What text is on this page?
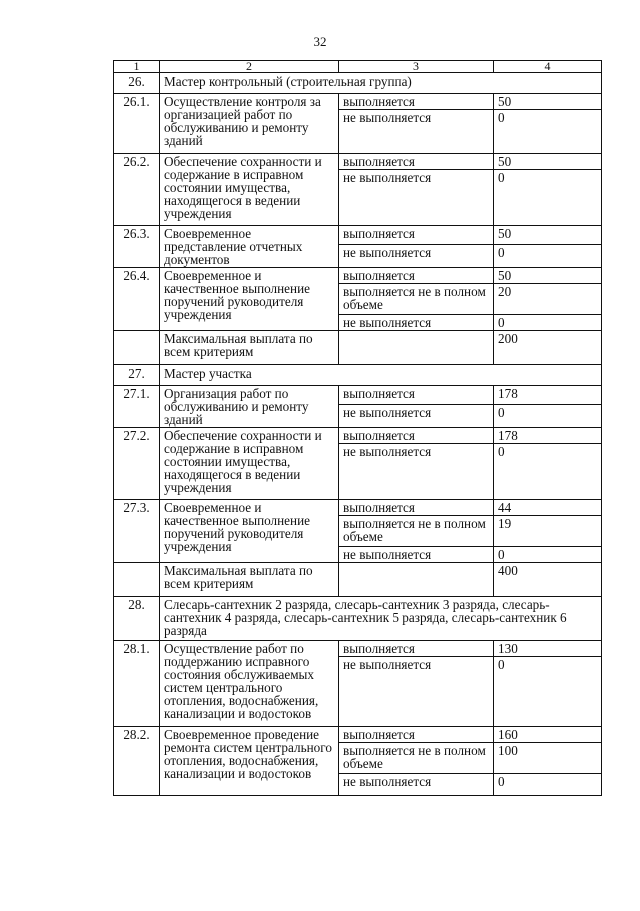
32
1	2	3	4
26.	Мастер контрольный (строительная группа)		
26.1.	Осуществление контроля за организацией работ по обслуживанию и ремонту зданий	выполняется	50
		не выполняется	0
26.2.	Обеспечение сохранности и содержание в исправном состоянии имущества, находящегося в ведении учреждения	выполняется	50
		не выполняется	0
26.3.	Своевременное представление отчетных документов	выполняется	50
		не выполняется	0
26.4.	Своевременное и качественное выполнение поручений руководителя учреждения	выполняется	50
		выполняется не в полном объеме	20
		не выполняется	0
	Максимальная выплата по всем критериям		200
27.	Мастер участка		
27.1.	Организация работ по обслуживанию и ремонту зданий	выполняется	178
		не выполняется	0
27.2.	Обеспечение сохранности и содержание в исправном состоянии имущества, находящегося в ведении учреждения	выполняется	178
		не выполняется	0
27.3.	Своевременное и качественное выполнение поручений руководителя учреждения	выполняется	44
		выполняется не в полном объеме	19
		не выполняется	0
	Максимальная выплата по всем критериям		400
28.	Слесарь-сантехник 2 разряда, слесарь-сантехник 3 разряда, слесарь-сантехник 4 разряда, слесарь-сантехник 5 разряда, слесарь-сантехник 6 разряда		
28.1.	Осуществление работ по поддержанию исправного состояния обслуживаемых систем центрального отопления, водоснабжения, канализации и водостоков	выполняется	130
		не выполняется	0
28.2.	Своевременное проведение ремонта систем центрального отопления, водоснабжения, канализации и водостоков	выполняется	160
		выполняется не в полном объеме	100
		не выполняется	0
